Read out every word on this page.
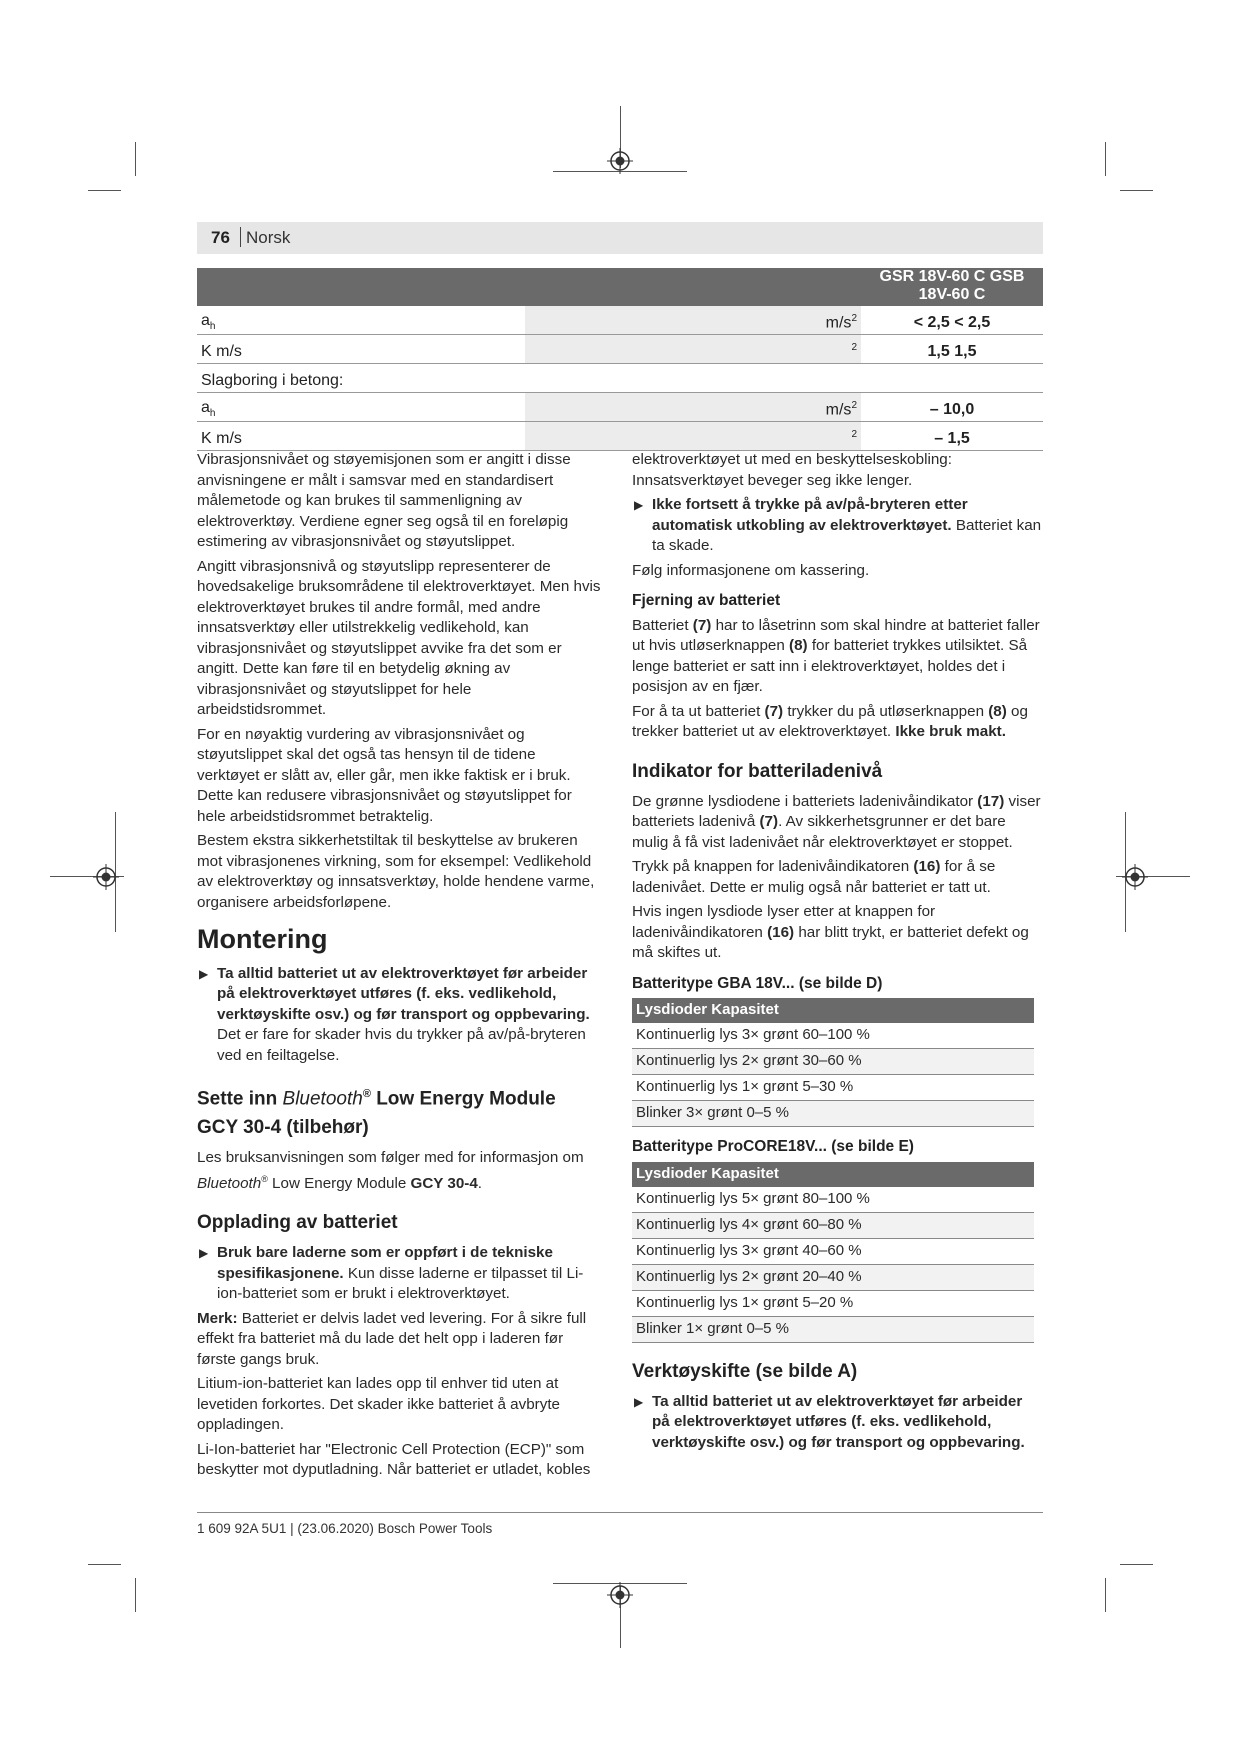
76 Norsk
			GSR 18V-60 C GSB 18V-60 C
$a_h$		$m/s^2$	< 2,5 < 2,5
K m/s		$^2$	1,5 1,5
Slagboring i betong:			
$a_h$		$m/s^2$	– 10,0
K m/s		$^2$	– 1,5

Vibrasjonsnivået og støyemisjonen som er angitt i disse anvisningene er målt i samsvar med en standardisert målemetode og kan brukes til sammenligning av elektroverktøy. Verdiene egner seg også til en foreløpig estimering av vibrasjonsnivået og støyutslippet.

Angitt vibrasjonsnivå og støyutslipp representerer de hovedsakelige bruksområdene til elektroverktøyet. Men hvis elektroverktøyet brukes til andre formål, med andre innsatsverktøy eller utilstrekkelig vedlikehold, kan vibrasjonsnivået og støyutslippet avvike fra det som er angitt. Dette kan føre til en betydelig økning av vibrasjonsnivået og støyutslippet for hele arbeidstidsrommet.

For en nøyaktig vurdering av vibrasjonsnivået og støyutslippet skal det også tas hensyn til de tidene verktøyet er slått av, eller går, men ikke faktisk er i bruk. Dette kan redusere vibrasjonsnivået og støyutslippet for hele arbeidstidsrommet betraktelig.

Bestem ekstra sikkerhetstiltak til beskyttelse av brukeren mot vibrasjonenes virkning, som for eksempel: Vedlikehold av elektroverktøy og innsatsverktøy, holde hendene varme, organisere arbeidsforløpene.

Montering
▶ Ta alltid batteriet ut av elektroverktøyet før arbeider på elektroverktøyet utføres (f. eks. vedlikehold, verktøyskifte osv.) og før transport og oppbevaring. Det er fare for skader hvis du trykker på av/på-bryteren ved en feiltagelse.
Sette inn Bluetooth® Low Energy Module GCY 30-4 (tilbehør)

Les bruksanvisningen som følger med for informasjon om Bluetooth® Low Energy Module GCY 30-4.

Opplading av batteriet
▶ Bruk bare laderne som er oppført i de tekniske spesifikasjonene. Kun disse laderne er tilpasset til Li-ion-batteriet som er brukt i elektroverktøyet.

Merk: Batteriet er delvis ladet ved levering. For å sikre full effekt fra batteriet må du lade det helt opp i laderen før første gangs bruk.

Litium-ion-batteriet kan lades opp til enhver tid uten at levetiden forkortes. Det skader ikke batteriet å avbryte oppladingen.

Li-Ion-batteriet har "Electronic Cell Protection (ECP)" som beskytter mot dyputladning. Når batteriet er utladet, kobles

elektroverktøyet ut med en beskyttelseskobling: Innsatsverktøyet beveger seg ikke lenger.

▶ Ikke fortsett å trykke på av/på-bryteren etter automatisk utkobling av elektroverktøyet. Batteriet kan ta skade.

Følg informasjonene om kassering.

Fjerning av batteriet

Batteriet (7) har to låsetrinn som skal hindre at batteriet faller ut hvis utløserknappen (8) for batteriet trykkes utilsiktet. Så lenge batteriet er satt inn i elektroverktøyet, holdes det i posisjon av en fjær.

For å ta ut batteriet (7) trykker du på utløserknappen (8) og trekker batteriet ut av elektroverktøyet. Ikke bruk makt.

Indikator for batteriladenivå

De grønne lysdiodene i batteriets ladenivåindikator (17) viser batteriets ladenivå (7). Av sikkerhetsgrunner er det bare mulig å få vist ladenivået når elektroverktøyet er stoppet.

Trykk på knappen for ladenivåindikatoren (16) for å se ladenivået. Dette er mulig også når batteriet er tatt ut.

Hvis ingen lysdiode lyser etter at knappen for ladenivåindikatoren (16) har blitt trykt, er batteriet defekt og må skiftes ut.

Batteritype GBA 18V... (se bilde D)
Lysdioder Kapasitet
Kontinuerlig lys 3× grønt 60–100 %
Kontinuerlig lys 2× grønt 30–60 %
Kontinuerlig lys 1× grønt 5–30 %
Blinker 3× grønt 0–5 %
Batteritype ProCORE18V... (se bilde E)
Lysdioder Kapasitet
Kontinuerlig lys 5× grønt 80–100 %
Kontinuerlig lys 4× grønt 60–80 %
Kontinuerlig lys 3× grønt 40–60 %
Kontinuerlig lys 2× grønt 20–40 %
Kontinuerlig lys 1× grønt 5–20 %
Blinker 1× grønt 0–5 %
Verktøyskifte (se bilde A)
▶ Ta alltid batteriet ut av elektroverktøyet før arbeider på elektroverktøyet utføres (f. eks. vedlikehold, verktøyskifte osv.) og før transport og oppbevaring.
1 609 92A 5U1 | (23.06.2020) Bosch Power Tools
